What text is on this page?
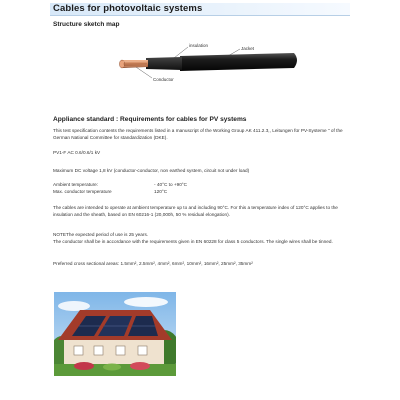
Cables for photovoltaic systems
Structure sketch map
insulation
Jacket
Conductor
Appliance standard : Requirements for cables for PV systems
This test specification contents the requirements listed in a manuscript of the Working Group AK 411.2.3,, Leitungen für PV-Systeme " of the German National Committee for standardization (DKE).
PV1-F AC 0.6/0.6/1 kV
Maximum DC voltage 1,8 kV (conductor-conductor, non earthed system, circuit not under load)
Ambient temperature:	- 40°C to +90°C
Max. conductor temperature	120°C
The cables are intended to operate at ambient temperature up to and including 90°C. For this a temperature index of 120°C applies to the insulation and the sheath, based on EN 60216-1 (20,000h, 50 % residual elongation).
NOTEThe expected period of use is 25 years.
The conductor shall be in accordance with the requirements given in EN 60228 for class 5 conductors. The single wires shall be tinned.
Preferred cross sectional areas: 1.5mm², 2.5mm², 4mm², 6mm², 10mm², 16mm², 25mm², 35mm²
